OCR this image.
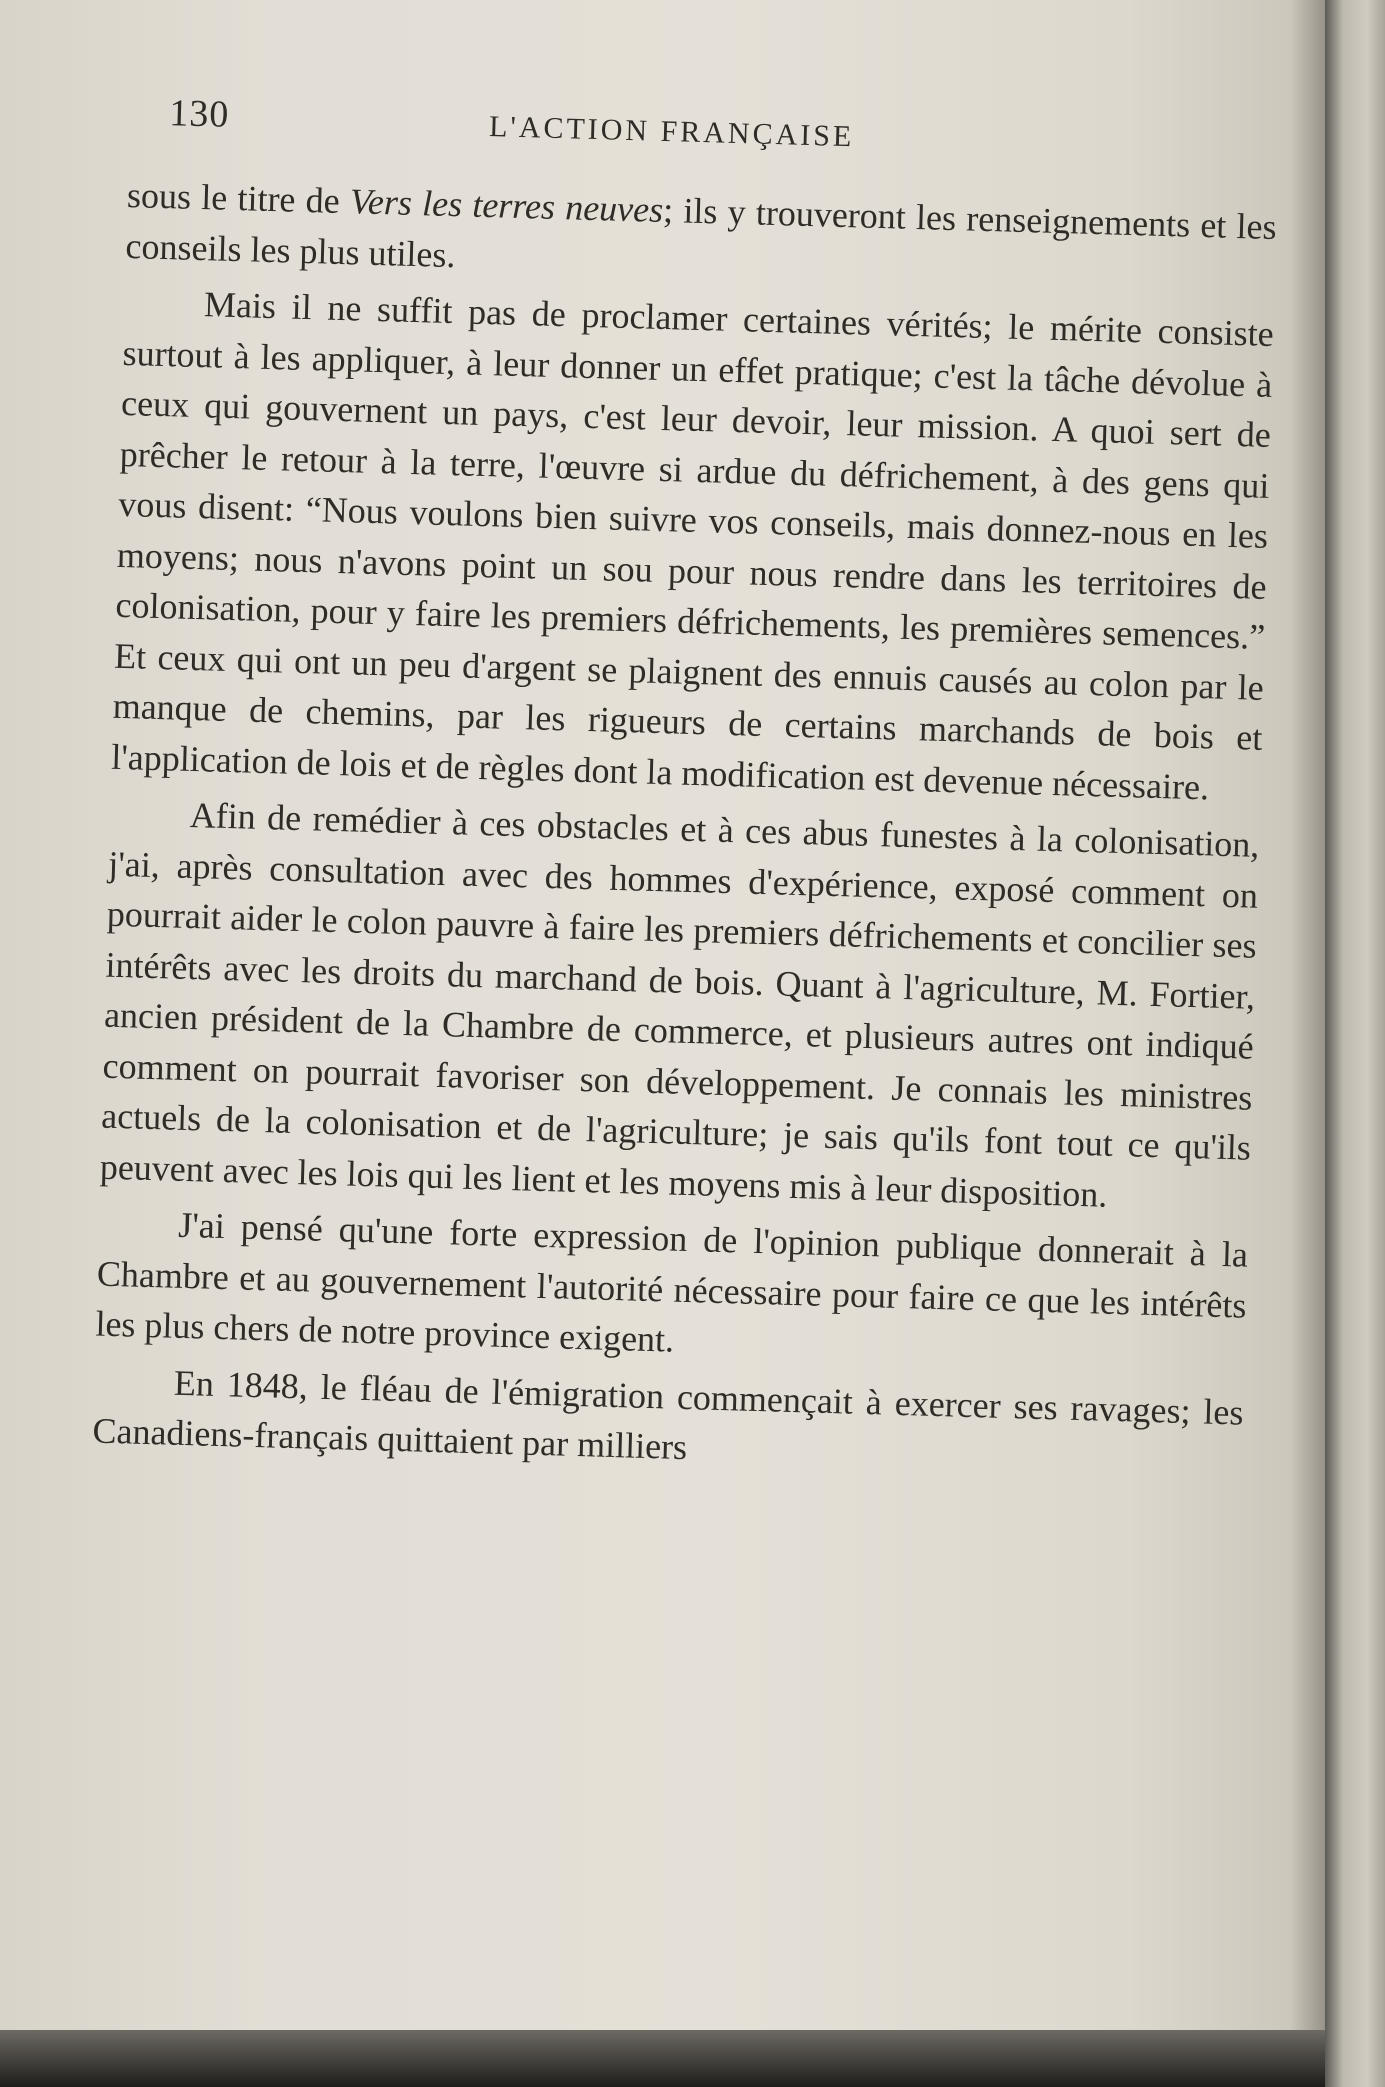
130	L'ACTION FRANÇAISE

sous le titre de Vers les terres neuves; ils y trouveront les renseignements et les conseils les plus utiles.

Mais il ne suffit pas de proclamer certaines vérités; le mérite consiste surtout à les appliquer, à leur donner un effet pratique; c'est la tâche dévolue à ceux qui gouvernent un pays, c'est leur devoir, leur mission. A quoi sert de prêcher le retour à la terre, l'œuvre si ardue du défrichement, à des gens qui vous disent: “Nous voulons bien suivre vos conseils, mais donnez-nous en les moyens; nous n'avons point un sou pour nous rendre dans les territoires de colonisation, pour y faire les premiers défrichements, les premières semences.” Et ceux qui ont un peu d'argent se plaignent des ennuis causés au colon par le manque de chemins, par les rigueurs de certains marchands de bois et l'application de lois et de règles dont la modification est devenue nécessaire.

Afin de remédier à ces obstacles et à ces abus funestes à la colonisation, j'ai, après consultation avec des hommes d'expérience, exposé comment on pourrait aider le colon pauvre à faire les premiers défrichements et concilier ses intérêts avec les droits du marchand de bois. Quant à l'agriculture, M. Fortier, ancien président de la Chambre de commerce, et plusieurs autres ont indiqué comment on pourrait favoriser son développement. Je connais les ministres actuels de la colonisation et de l'agriculture; je sais qu'ils font tout ce qu'ils peuvent avec les lois qui les lient et les moyens mis à leur disposition.

J'ai pensé qu'une forte expression de l'opinion publique donnerait à la Chambre et au gouvernement l'autorité nécessaire pour faire ce que les intérêts les plus chers de notre province exigent.

En 1848, le fléau de l'émigration commençait à exercer ses ravages; les Canadiens-français quittaient par milliers
